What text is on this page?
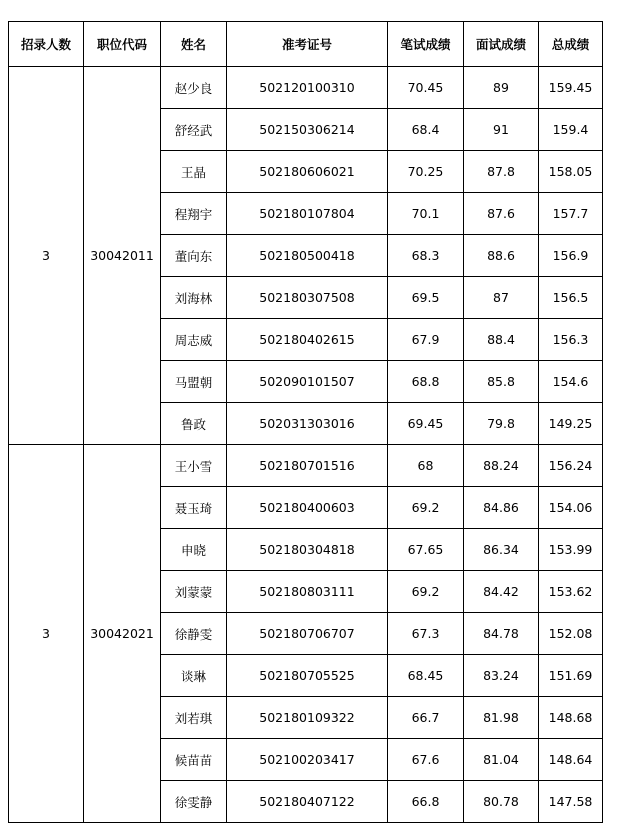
招录人数	职位代码	姓名	准考证号	笔试成绩	面试成绩	总成绩
3	30042011	赵少良	502120100310	70.45	89	159.45
		舒经武	502150306214	68.4	91	159.4
		王晶	502180606021	70.25	87.8	158.05
		程翔宇	502180107804	70.1	87.6	157.7
		董向东	502180500418	68.3	88.6	156.9
		刘海林	502180307508	69.5	87	156.5
		周志威	502180402615	67.9	88.4	156.3
		马盟朝	502090101507	68.8	85.8	154.6
		鲁政	502031303016	69.45	79.8	149.25
3	30042021	王小雪	502180701516	68	88.24	156.24
		聂玉琦	502180400603	69.2	84.86	154.06
		申晓	502180304818	67.65	86.34	153.99
		刘蒙蒙	502180803111	69.2	84.42	153.62
		徐静雯	502180706707	67.3	84.78	152.08
		谈琳	502180705525	68.45	83.24	151.69
		刘若琪	502180109322	66.7	81.98	148.68
		候苗苗	502100203417	67.6	81.04	148.64
		徐雯静	502180407122	66.8	80.78	147.58
